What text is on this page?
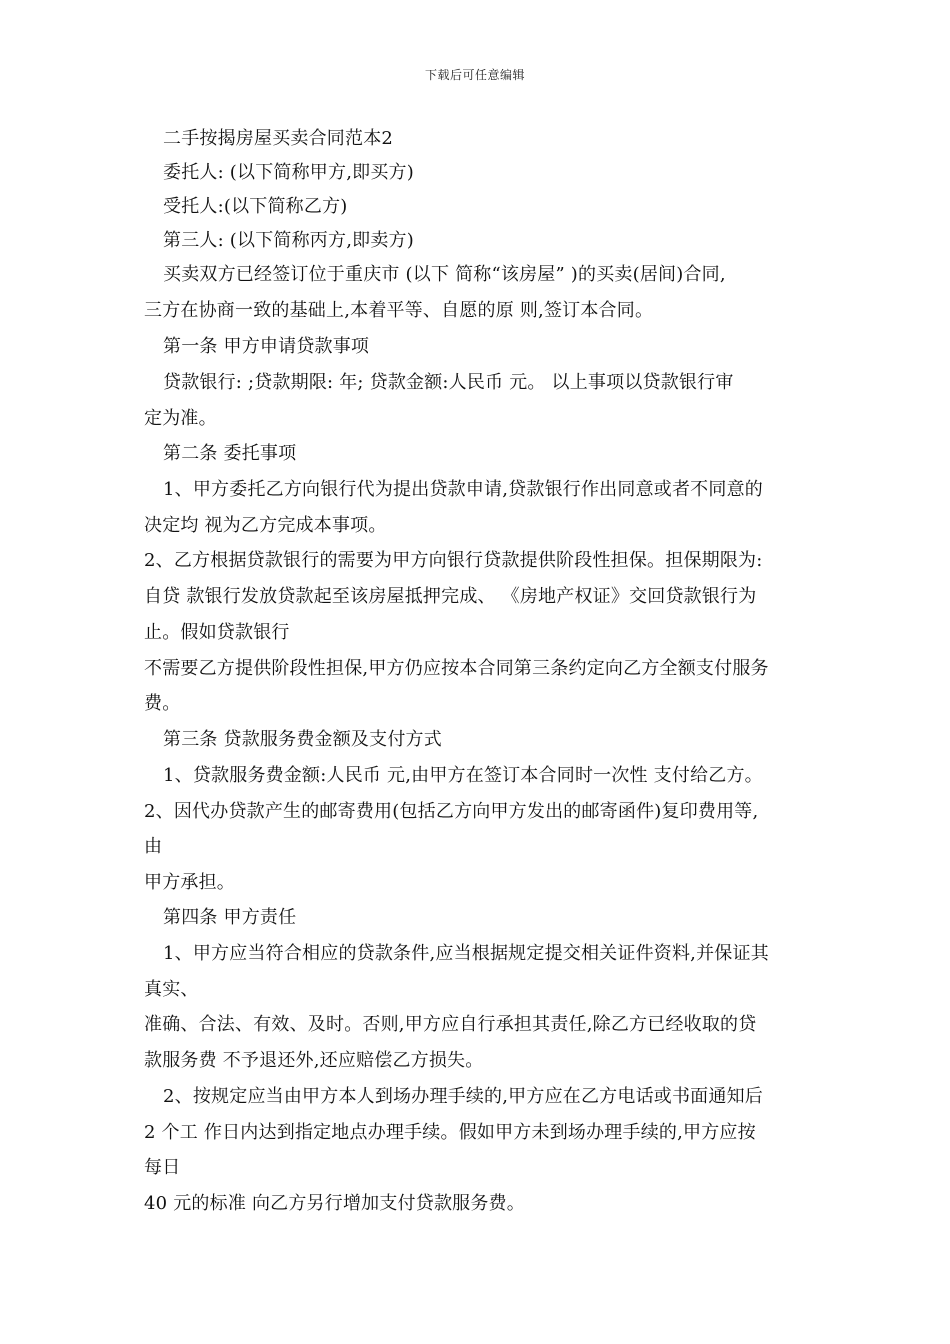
下载后可任意编辑
二手按揭房屋买卖合同范本2
委托人: (以下简称甲方,即买方)
受托人:(以下简称乙方)
第三人: (以下简称丙方,即卖方)
买卖双方已经签订位于重庆市 (以下 简称“该房屋” )的买卖(居间)合同,
三方在协商一致的基础上,本着平等、自愿的原 则,签订本合同。
第一条 甲方申请贷款事项
贷款银行: ;贷款期限: 年; 贷款金额:人民币 元。 以上事项以贷款银行审
定为准。
第二条 委托事项
1、甲方委托乙方向银行代为提出贷款申请,贷款银行作出同意或者不同意的
决定均 视为乙方完成本事项。
2、乙方根据贷款银行的需要为甲方向银行贷款提供阶段性担保。担保期限为:
自贷 款银行发放贷款起至该房屋抵押完成、 《房地产权证》交回贷款银行为
止。假如贷款银行
不需要乙方提供阶段性担保,甲方仍应按本合同第三条约定向乙方全额支付服务
费。
第三条 贷款服务费金额及支付方式
1、贷款服务费金额:人民币 元,由甲方在签订本合同时一次性 支付给乙方。
2、因代办贷款产生的邮寄费用(包括乙方向甲方发出的邮寄函件)复印费用等,
由
甲方承担。
第四条 甲方责任
1、甲方应当符合相应的贷款条件,应当根据规定提交相关证件资料,并保证其
真实、
准确、合法、有效、及时。否则,甲方应自行承担其责任,除乙方已经收取的贷
款服务费 不予退还外,还应赔偿乙方损失。
2、按规定应当由甲方本人到场办理手续的,甲方应在乙方电话或书面通知后
2 个工 作日内达到指定地点办理手续。假如甲方未到场办理手续的,甲方应按
每日
40 元的标准 向乙方另行增加支付贷款服务费。
